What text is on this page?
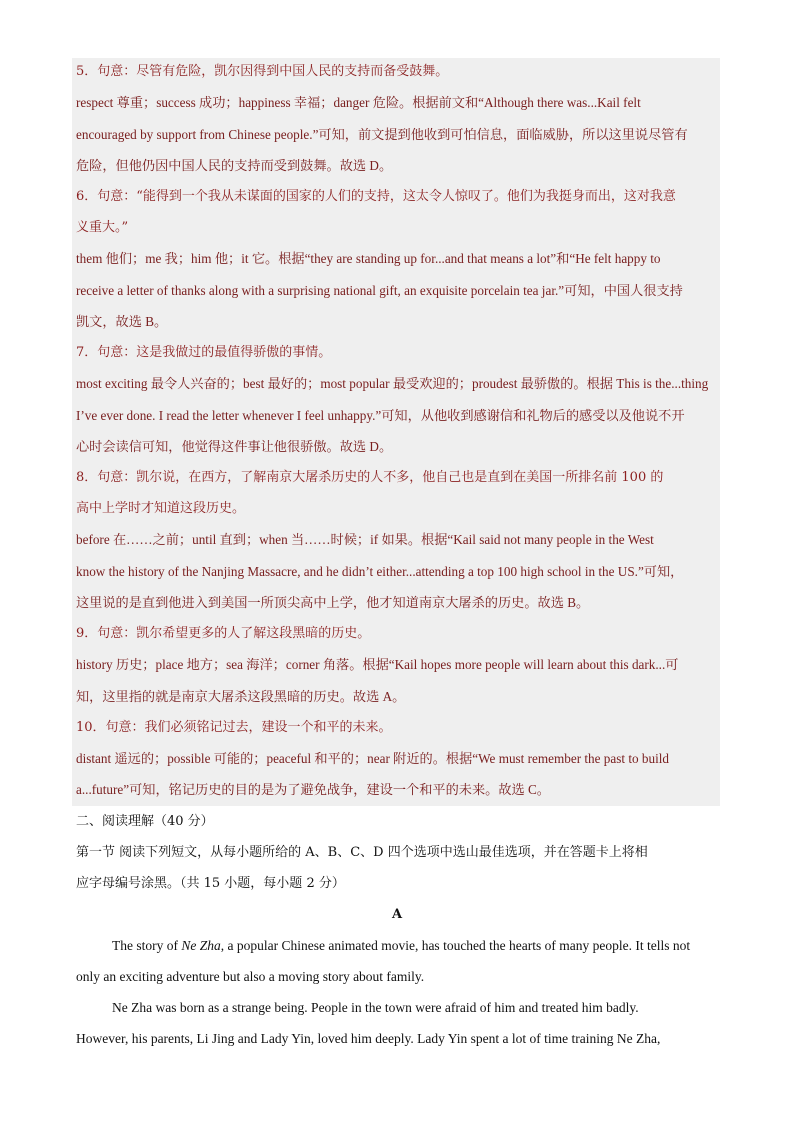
5．句意：尽管有危险，凯尔因得到中国人民的支持而备受鼓舞。
respect 尊重；success 成功；happiness 幸福；danger 危险。根据前文和“Although there was...Kail felt
encouraged by support from Chinese people.”可知，前文提到他收到可怕信息，面临威胁，所以这里说尽管有
危险，但他仍因中国人民的支持而受到鼓舞。故选 D。
6．句意：“能得到一个我从未谋面的国家的人们的支持，这太令人惊叹了。他们为我挺身而出，这对我意
义重大。”
them 他们；me 我；him 他；it 它。根据“they are standing up for...and that means a lot”和“He felt happy to
receive a letter of thanks along with a surprising national gift, an exquisite porcelain tea jar.”可知，中国人很支持
凯文，故选 B。
7．句意：这是我做过的最值得骄傲的事情。
most exciting 最令人兴奋的；best 最好的；most popular 最受欢迎的；proudest 最骄傲的。根据 This is the...thing
I’ve ever done. I read the letter whenever I feel unhappy.”可知，从他收到感谢信和礼物后的感受以及他说不开
心时会读信可知，他觉得这件事让他很骄傲。故选 D。
8．句意：凯尔说，在西方，了解南京大屠杀历史的人不多，他自己也是直到在美国一所排名前 100 的
高中上学时才知道这段历史。
before 在……之前；until 直到；when 当……时候；if 如果。根据“Kail said not many people in the West
know the history of the Nanjing Massacre, and he didn’t either...attending a top 100 high school in the US.”可知，
这里说的是直到他进入到美国一所顶尖高中上学，他才知道南京大屠杀的历史。故选 B。
9．句意：凯尔希望更多的人了解这段黑暗的历史。
history 历史；place 地方；sea 海洋；corner 角落。根据“Kail hopes more people will learn about this dark...可
知，这里指的就是南京大屠杀这段黑暗的历史。故选 A。
10．句意：我们必须铭记过去，建设一个和平的未来。
distant 遥远的；possible 可能的；peaceful 和平的；near 附近的。根据“We must remember the past to build
a...future”可知，铭记历史的目的是为了避免战争，建设一个和平的未来。故选 C。
二、阅读理解（40 分）
第一节 阅读下列短文，从每小题所给的 A、B、C、D 四个选项中选山最佳选项，并在答题卡上将相
应字母编号涂黑。（共 15 小题，每小题 2 分）
A
The story of Ne Zha, a popular Chinese animated movie, has touched the hearts of many people. It tells not
only an exciting adventure but also a moving story about family.
Ne Zha was born as a strange being. People in the town were afraid of him and treated him badly.
However, his parents, Li Jing and Lady Yin, loved him deeply. Lady Yin spent a lot of time training Ne Zha,
